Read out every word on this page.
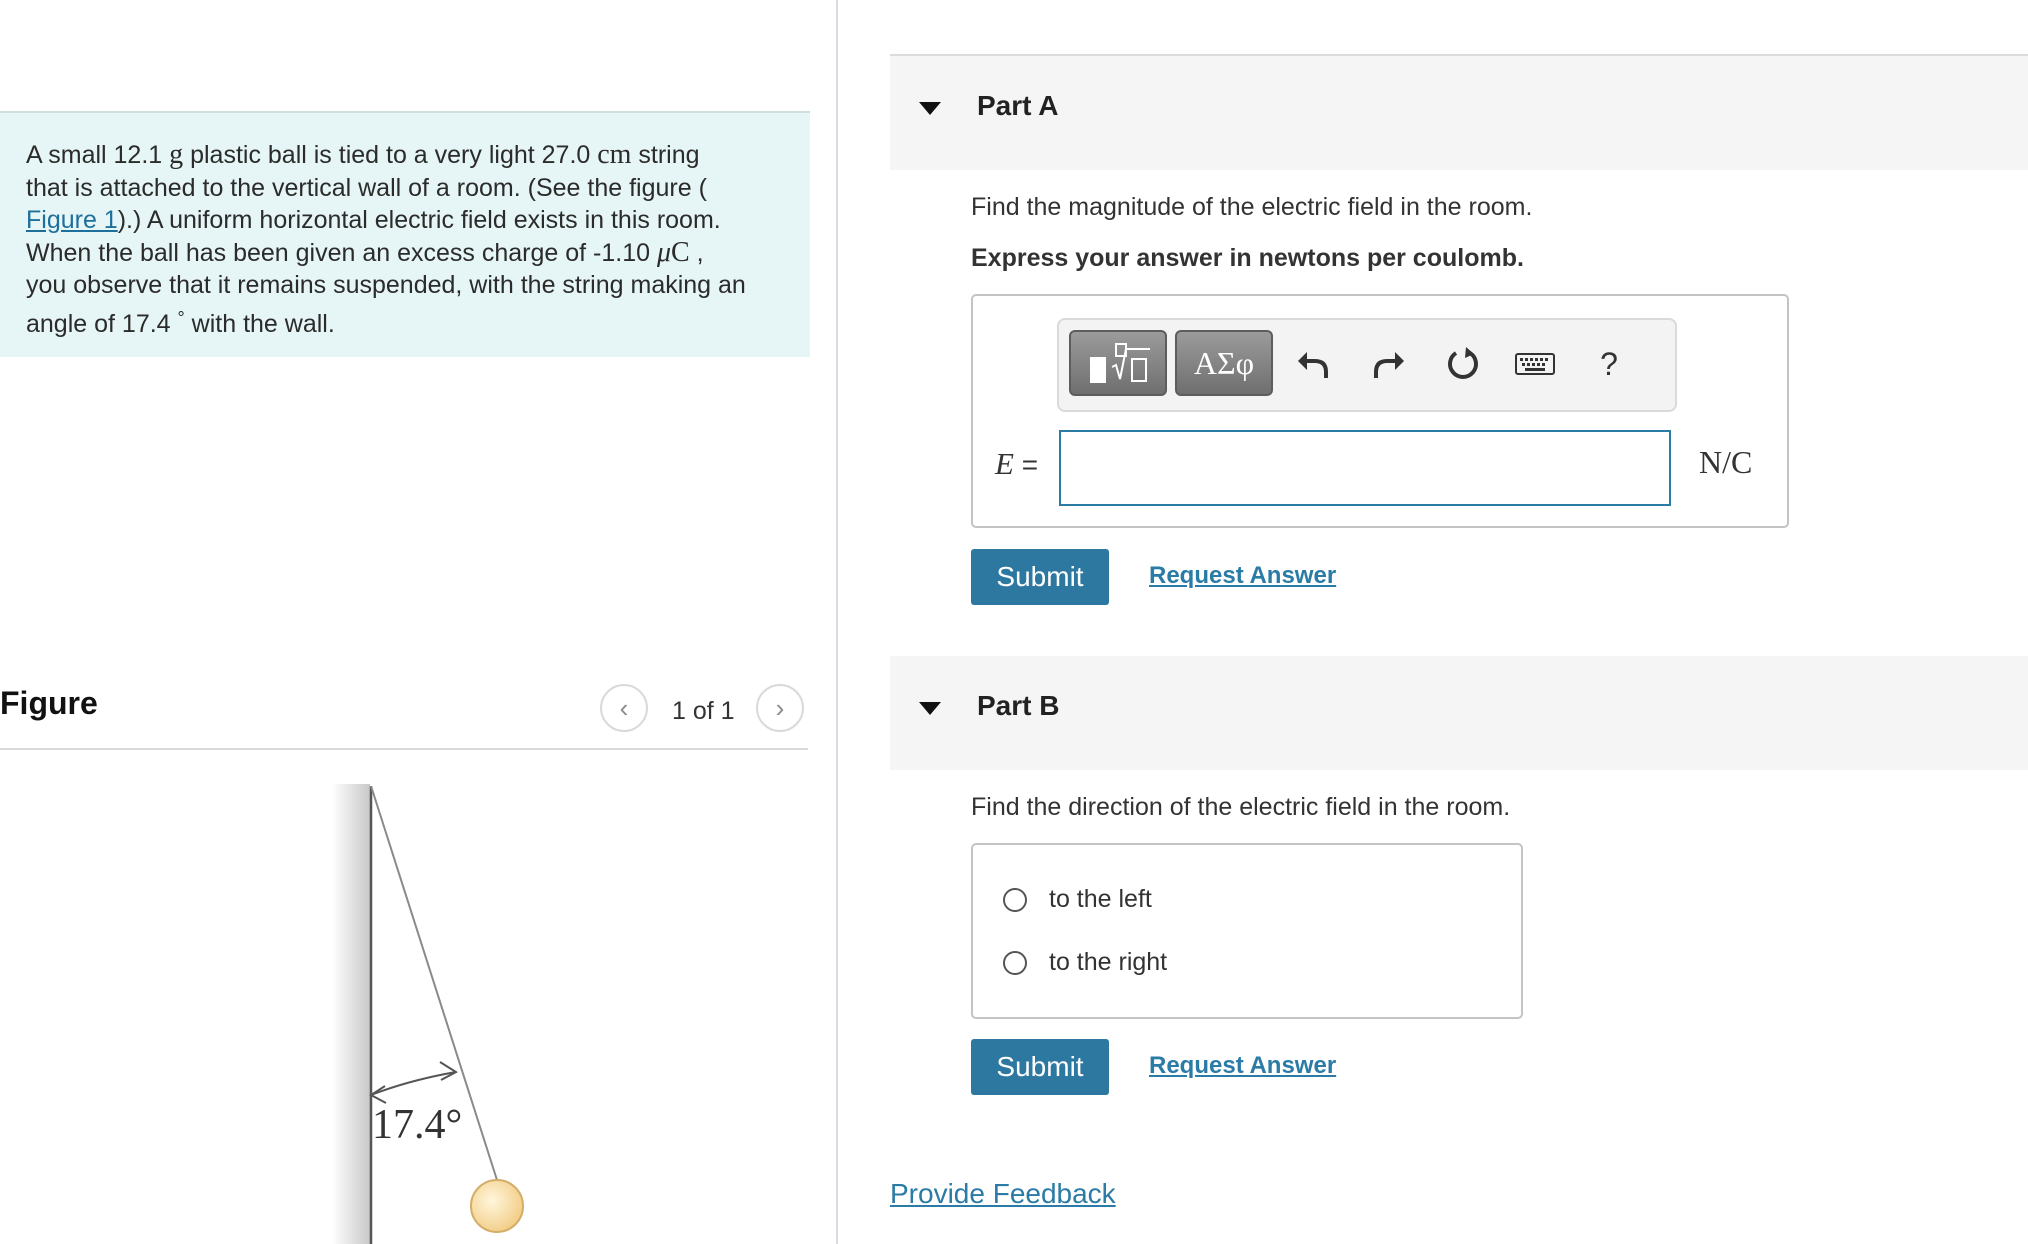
A small 12.1 g plastic ball is tied to a very light 27.0 cm string
that is attached to the vertical wall of a room. (See the figure (
Figure 1).) A uniform horizontal electric field exists in this room.
When the ball has been given an excess charge of -1.10 μC ,
you observe that it remains suspended, with the string making an
angle of 17.4 ° with the wall.
Figure	‹ 1 of 1 ›
17.4°
Part A
Find the magnitude of the electric field in the room.
Express your answer in newtons per coulomb.
ΑΣφ	?
E =	N/C
Submit	Request Answer
Part B
Find the direction of the electric field in the room.
to the left
to the right
Submit	Request Answer
Provide Feedback
